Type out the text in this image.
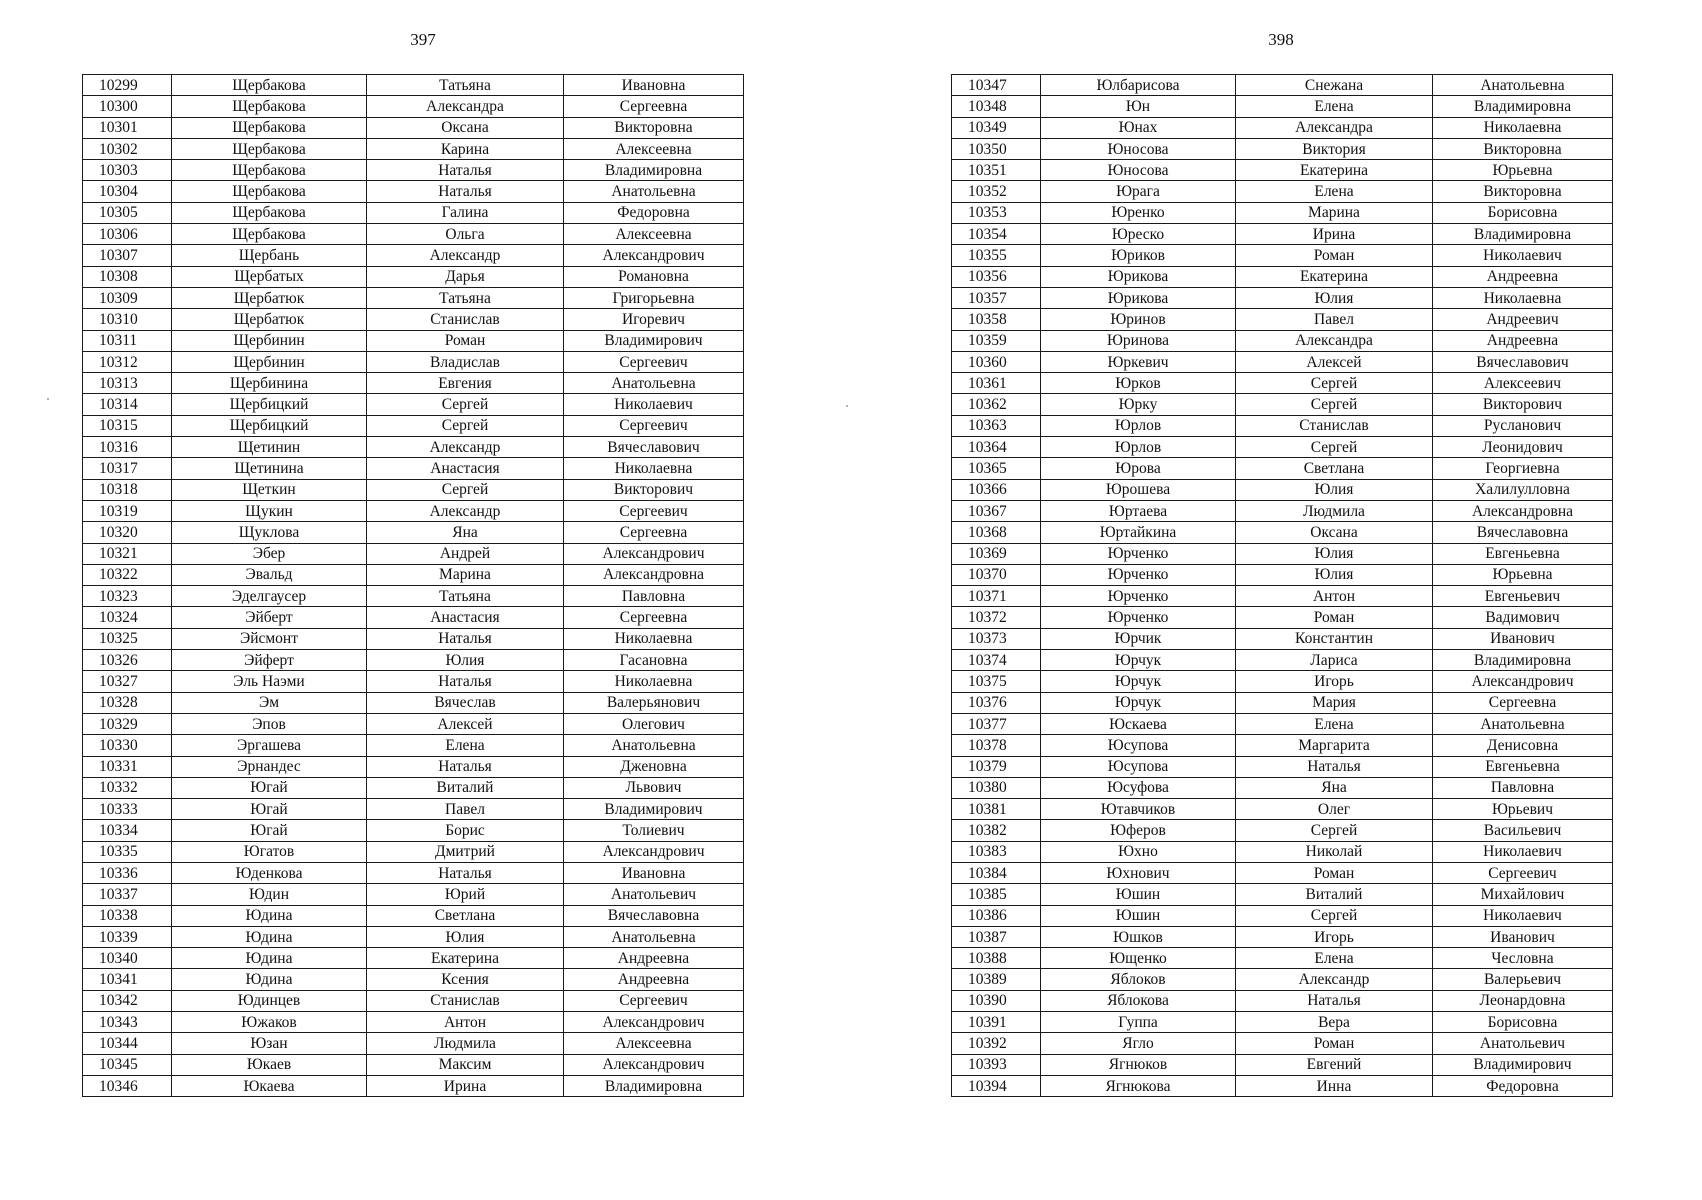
397
10299	Щербакова	Татьяна	Ивановна
10300	Щербакова	Александра	Сергеевна
10301	Щербакова	Оксана	Викторовна
10302	Щербакова	Карина	Алексеевна
10303	Щербакова	Наталья	Владимировна
10304	Щербакова	Наталья	Анатольевна
10305	Щербакова	Галина	Федоровна
10306	Щербакова	Ольга	Алексеевна
10307	Щербань	Александр	Александрович
10308	Щербатых	Дарья	Романовна
10309	Щербатюк	Татьяна	Григорьевна
10310	Щербатюк	Станислав	Игоревич
10311	Щербинин	Роман	Владимирович
10312	Щербинин	Владислав	Сергеевич
10313	Щербинина	Евгения	Анатольевна
10314	Щербицкий	Сергей	Николаевич
10315	Щербицкий	Сергей	Сергеевич
10316	Щетинин	Александр	Вячеславович
10317	Щетинина	Анастасия	Николаевна
10318	Щеткин	Сергей	Викторович
10319	Щукин	Александр	Сергеевич
10320	Щуклова	Яна	Сергеевна
10321	Эбер	Андрей	Александрович
10322	Эвальд	Марина	Александровна
10323	Эделгаусер	Татьяна	Павловна
10324	Эйберт	Анастасия	Сергеевна
10325	Эйсмонт	Наталья	Николаевна
10326	Эйферт	Юлия	Гасановна
10327	Эль Наэми	Наталья	Николаевна
10328	Эм	Вячеслав	Валерьянович
10329	Эпов	Алексей	Олегович
10330	Эргашева	Елена	Анатольевна
10331	Эрнандес	Наталья	Дженовна
10332	Югай	Виталий	Львович
10333	Югай	Павел	Владимирович
10334	Югай	Борис	Толиевич
10335	Югатов	Дмитрий	Александрович
10336	Юденкова	Наталья	Ивановна
10337	Юдин	Юрий	Анатольевич
10338	Юдина	Светлана	Вячеславовна
10339	Юдина	Юлия	Анатольевна
10340	Юдина	Екатерина	Андреевна
10341	Юдина	Ксения	Андреевна
10342	Юдинцев	Станислав	Сергеевич
10343	Южаков	Антон	Александрович
10344	Юзан	Людмила	Алексеевна
10345	Юкаев	Максим	Александрович
10346	Юкаева	Ирина	Владимировна
398
10347	Юлбарисова	Снежана	Анатольевна
10348	Юн	Елена	Владимировна
10349	Юнах	Александра	Николаевна
10350	Юносова	Виктория	Викторовна
10351	Юносова	Екатерина	Юрьевна
10352	Юрага	Елена	Викторовна
10353	Юренко	Марина	Борисовна
10354	Юреско	Ирина	Владимировна
10355	Юриков	Роман	Николаевич
10356	Юрикова	Екатерина	Андреевна
10357	Юрикова	Юлия	Николаевна
10358	Юринов	Павел	Андреевич
10359	Юринова	Александра	Андреевна
10360	Юркевич	Алексей	Вячеславович
10361	Юрков	Сергей	Алексеевич
10362	Юрку	Сергей	Викторович
10363	Юрлов	Станислав	Русланович
10364	Юрлов	Сергей	Леонидович
10365	Юрова	Светлана	Георгиевна
10366	Юрошева	Юлия	Халилулловна
10367	Юртаева	Людмила	Александровна
10368	Юртайкина	Оксана	Вячеславовна
10369	Юрченко	Юлия	Евгеньевна
10370	Юрченко	Юлия	Юрьевна
10371	Юрченко	Антон	Евгеньевич
10372	Юрченко	Роман	Вадимович
10373	Юрчик	Константин	Иванович
10374	Юрчук	Лариса	Владимировна
10375	Юрчук	Игорь	Александрович
10376	Юрчук	Мария	Сергеевна
10377	Юскаева	Елена	Анатольевна
10378	Юсупова	Маргарита	Денисовна
10379	Юсупова	Наталья	Евгеньевна
10380	Юсуфова	Яна	Павловна
10381	Ютавчиков	Олег	Юрьевич
10382	Юферов	Сергей	Васильевич
10383	Юхно	Николай	Николаевич
10384	Юхнович	Роман	Сергеевич
10385	Юшин	Виталий	Михайлович
10386	Юшин	Сергей	Николаевич
10387	Юшков	Игорь	Иванович
10388	Ющенко	Елена	Чесловна
10389	Яблоков	Александр	Валерьевич
10390	Яблокова	Наталья	Леонардовна
10391	Гуппа	Вера	Борисовна
10392	Ягло	Роман	Анатольевич
10393	Ягнюков	Евгений	Владимирович
10394	Ягнюкова	Инна	Федоровна
